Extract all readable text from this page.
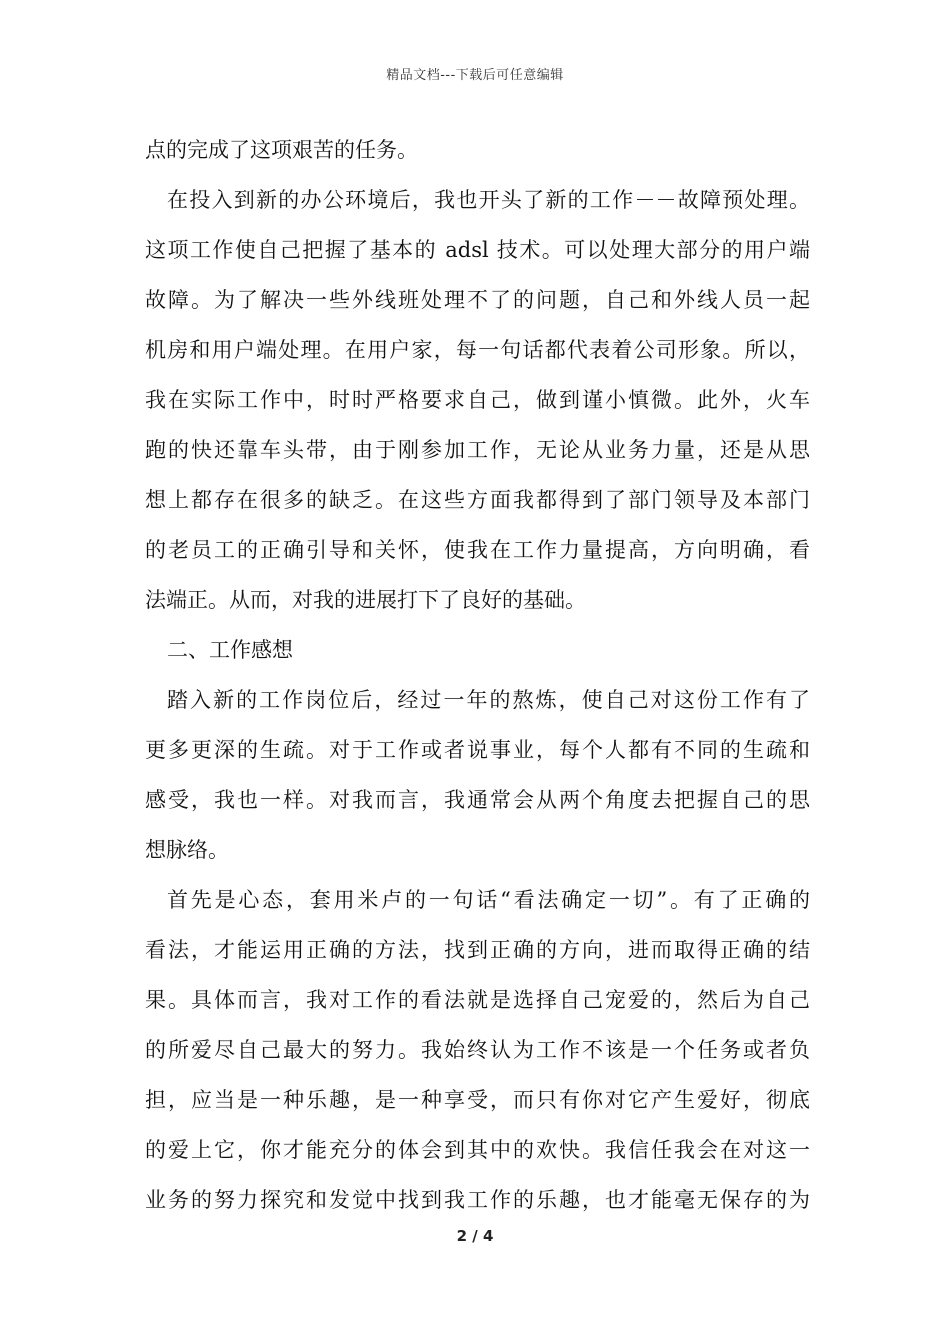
精品文档---下载后可任意编辑
点的完成了这项艰苦的任务。
在投入到新的办公环境后，我也开头了新的工作－－故障预处理。
这项工作使自己把握了基本的 adsl 技术。可以处理大部分的用户端
故障。为了解决一些外线班处理不了的问题，自己和外线人员一起
机房和用户端处理。在用户家，每一句话都代表着公司形象。所以，
我在实际工作中，时时严格要求自己，做到谨小慎微。此外，火车
跑的快还靠车头带，由于刚参加工作，无论从业务力量，还是从思
想上都存在很多的缺乏。在这些方面我都得到了部门领导及本部门
的老员工的正确引导和关怀，使我在工作力量提高，方向明确，看
法端正。从而，对我的进展打下了良好的基础。
二、工作感想
踏入新的工作岗位后，经过一年的熬炼，使自己对这份工作有了
更多更深的生疏。对于工作或者说事业，每个人都有不同的生疏和
感受，我也一样。对我而言，我通常会从两个角度去把握自己的思
想脉络。
首先是心态，套用米卢的一句话“看法确定一切”。有了正确的
看法，才能运用正确的方法，找到正确的方向，进而取得正确的结
果。具体而言，我对工作的看法就是选择自己宠爱的，然后为自己
的所爱尽自己最大的努力。我始终认为工作不该是一个任务或者负
担，应当是一种乐趣，是一种享受，而只有你对它产生爱好，彻底
的爱上它，你才能充分的体会到其中的欢快。我信任我会在对这一
业务的努力探究和发觉中找到我工作的乐趣，也才能毫无保存的为
2 / 4
